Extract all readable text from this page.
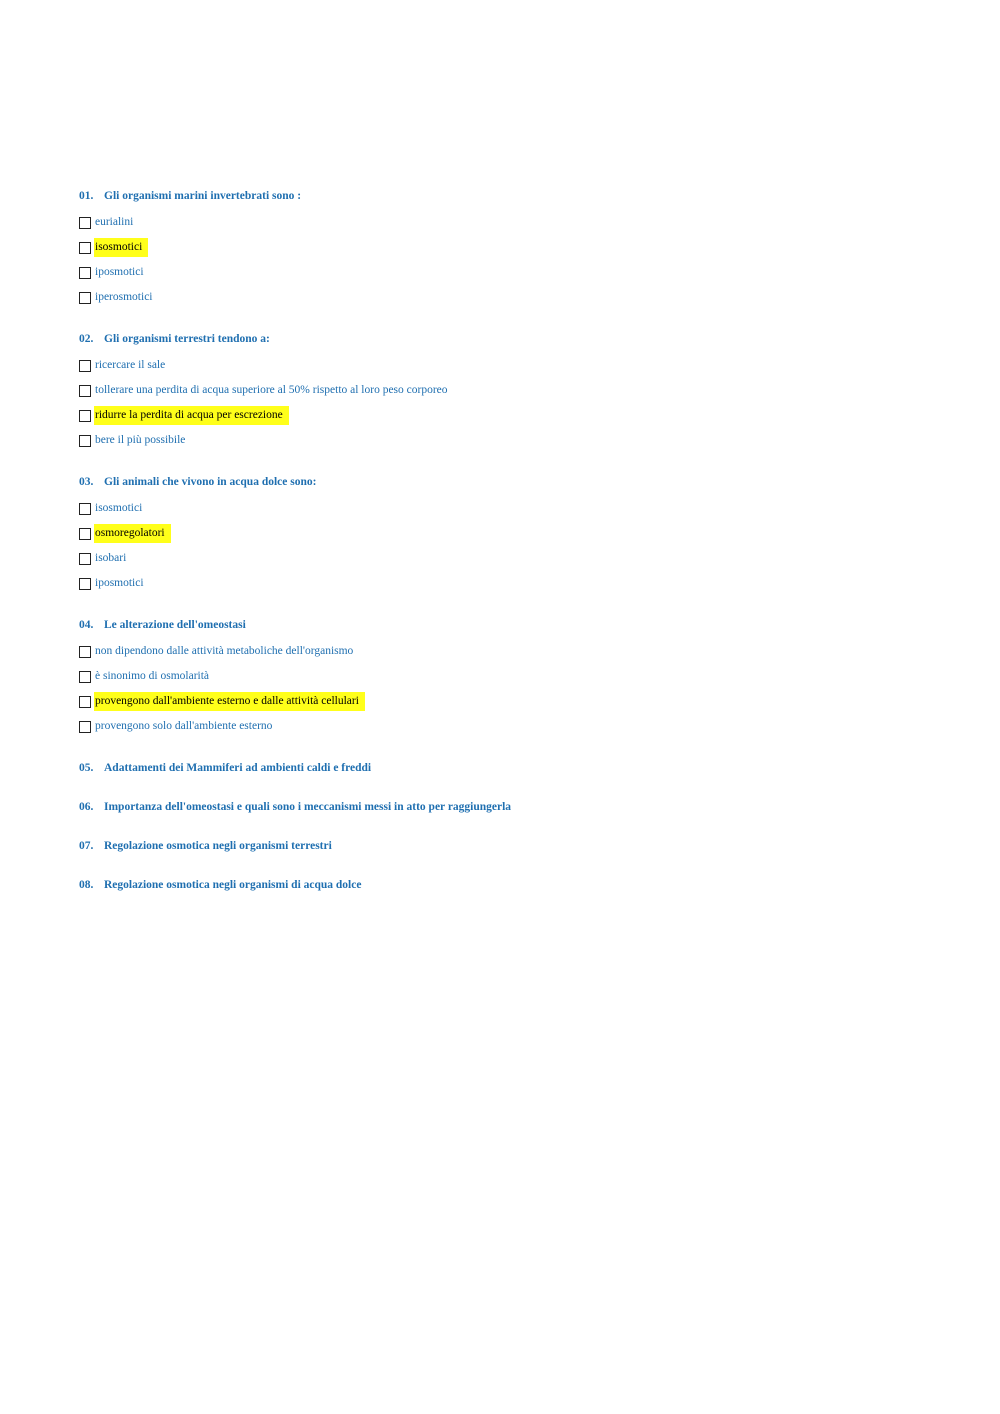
01. Gli organismi marini invertebrati sono :
eurialini
isosmotici
iposmotici
iperosmotici
02. Gli organismi terrestri tendono a:
ricercare il sale
tollerare una perdita di acqua superiore al 50% rispetto al loro peso corporeo
ridurre la perdita di acqua per escrezione
bere il più possibile
03. Gli animali che vivono in acqua dolce sono:
isosmotici
osmoregolatori
isobari
iposmotici
04. Le alterazione dell'omeostasi
non dipendono dalle attività metaboliche dell'organismo
è sinonimo di osmolarità
provengono dall'ambiente esterno e dalle attività cellulari
provengono solo dall'ambiente esterno
05. Adattamenti dei Mammiferi ad ambienti caldi e freddi
06. Importanza dell'omeostasi e quali sono i meccanismi messi in atto per raggiungerla
07. Regolazione osmotica negli organismi terrestri
08. Regolazione osmotica negli organismi di acqua dolce
